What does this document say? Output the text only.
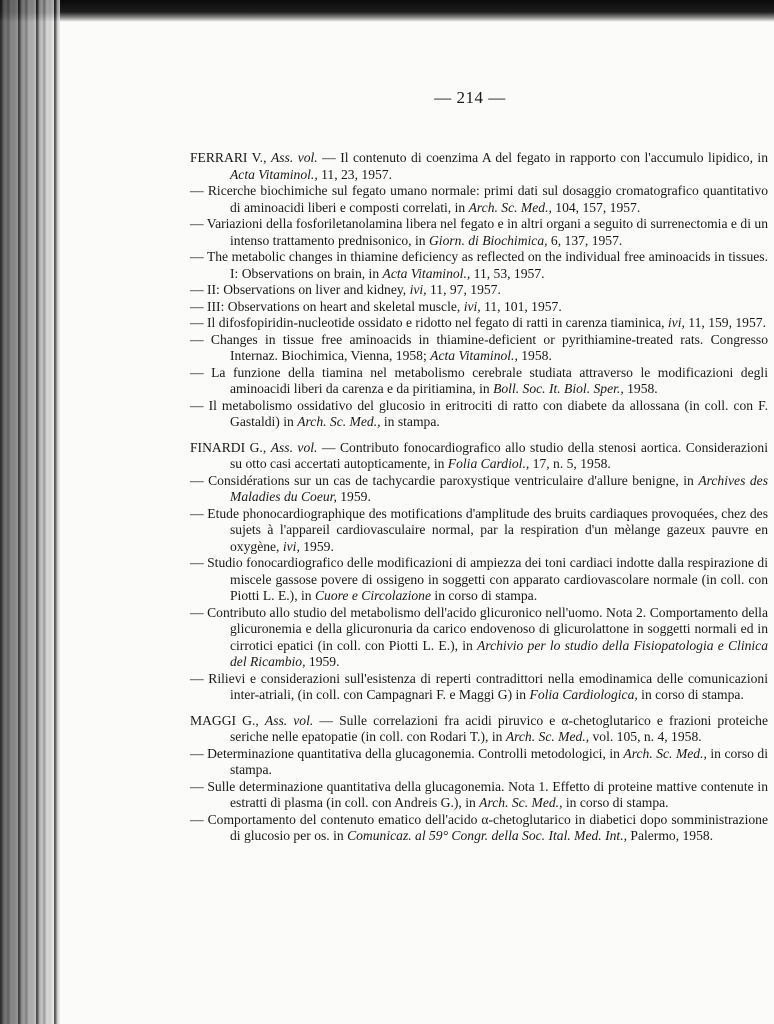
— 214 —
FERRARI V., Ass. vol. — Il contenuto di coenzima A del fegato in rapporto con l'accumulo lipidico, in Acta Vitaminol., 11, 23, 1957.
— Ricerche biochimiche sul fegato umano normale: primi dati sul dosaggio cromatografico quantitativo di aminoacidi liberi e composti correlati, in Arch. Sc. Med., 104, 157, 1957.
— Variazioni della fosforiletanolamina libera nel fegato e in altri organi a seguito di surrenectomia e di un intenso trattamento prednisonico, in Giorn. di Biochimica, 6, 137, 1957.
— The metabolic changes in thiamine deficiency as reflected on the individual free aminoacids in tissues. I: Observations on brain, in Acta Vitaminol., 11, 53, 1957.
— II: Observations on liver and kidney, ivi, 11, 97, 1957.
— III: Observations on heart and skeletal muscle, ivi, 11, 101, 1957.
— Il difosfopiridin-nucleotide ossidato e ridotto nel fegato di ratti in carenza tiaminica, ivi, 11, 159, 1957.
— Changes in tissue free aminoacids in thiamine-deficient or pyrithiamine-treated rats. Congresso Internaz. Biochimica, Vienna, 1958; Acta Vitaminol., 1958.
— La funzione della tiamina nel metabolismo cerebrale studiata attraverso le modificazioni degli aminoacidi liberi da carenza e da piritiamina, in Boll. Soc. It. Biol. Sper., 1958.
— Il metabolismo ossidativo del glucosio in eritrociti di ratto con diabete da allossana (in coll. con F. Gastaldi) in Arch. Sc. Med., in stampa.
FINARDI G., Ass. vol. — Contributo fonocardiografico allo studio della stenosi aortica. Considerazioni su otto casi accertati autopticamente, in Folia Cardiol., 17, n. 5, 1958.
— Considérations sur un cas de tachycardie paroxystique ventriculaire d'allure benigne, in Archives des Maladies du Coeur, 1959.
— Etude phonocardiographique des motifications d'amplitude des bruits cardiaques provoquées, chez des sujets à l'appareil cardiovasculaire normal, par la respiration d'un mèlange gazeux pauvre en oxygène, ivi, 1959.
— Studio fonocardiografico delle modificazioni di ampiezza dei toni cardiaci indotte dalla respirazione di miscele gassose povere di ossigeno in soggetti con apparato cardiovascolare normale (in coll. con Piotti L. E.), in Cuore e Circolazione in corso di stampa.
— Contributo allo studio del metabolismo dell'acido glicuronico nell'uomo. Nota 2. Comportamento della glicuronemia e della glicuronuria da carico endovenoso di glicurolattone in soggetti normali ed in cirrotici epatici (in coll. con Piotti L. E.), in Archivio per lo studio della Fisiopatologia e Clinica del Ricambio, 1959.
— Rilievi e considerazioni sull'esistenza di reperti contradittori nella emodinamica delle comunicazioni inter-atriali, (in coll. con Campagnari F. e Maggi G) in Folia Cardiologica, in corso di stampa.
MAGGI G., Ass. vol. — Sulle correlazioni fra acidi piruvico e α-chetoglutarico e frazioni proteiche seriche nelle epatopatie (in coll. con Rodari T.), in Arch. Sc. Med., vol. 105, n. 4, 1958.
— Determinazione quantitativa della glucagonemia. Controlli metodologici, in Arch. Sc. Med., in corso di stampa.
— Sulle determinazione quantitativa della glucagonemia. Nota 1. Effetto di proteine mattive contenute in estratti di plasma (in coll. con Andreis G.), in Arch. Sc. Med., in corso di stampa.
— Comportamento del contenuto ematico dell'acido α-chetoglutarico in diabetici dopo somministrazione di glucosio per os. in Comunicaz. al 59° Congr. della Soc. Ital. Med. Int., Palermo, 1958.
